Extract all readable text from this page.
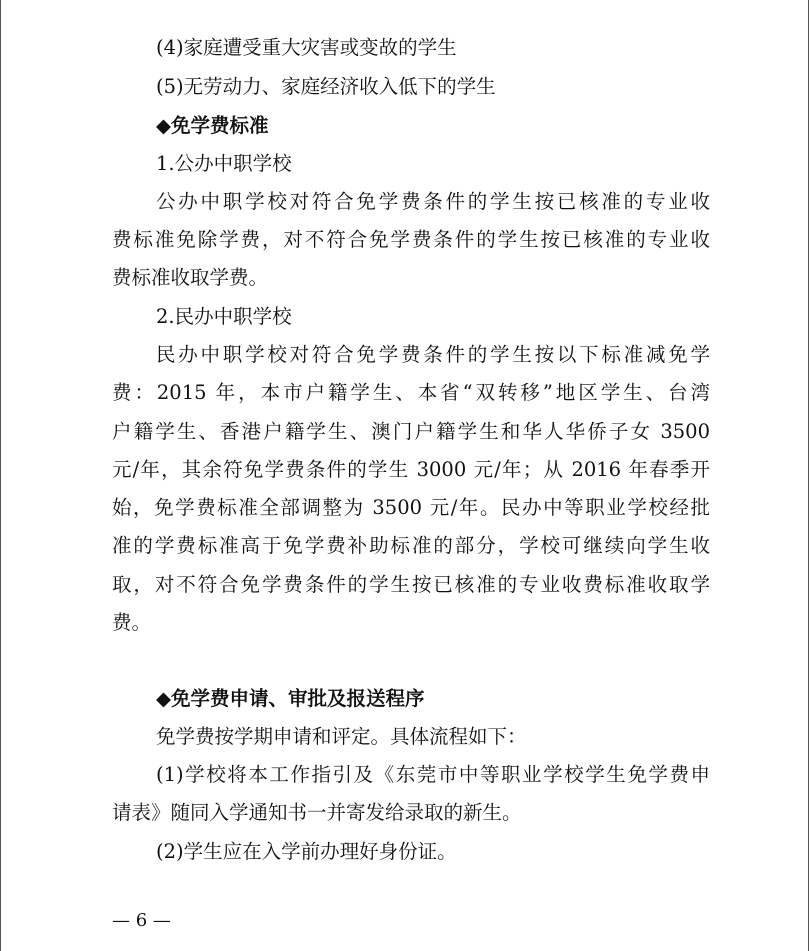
(4)家庭遭受重大灾害或变故的学生
(5)无劳动力、家庭经济收入低下的学生
◆免学费标准
1.公办中职学校
公办中职学校对符合免学费条件的学生按已核准的专业收
费标准免除学费，对不符合免学费条件的学生按已核准的专业收
费标准收取学费。
2.民办中职学校
民办中职学校对符合免学费条件的学生按以下标准减免学
费：2015 年，本市户籍学生、本省“双转移”地区学生、台湾
户籍学生、香港户籍学生、澳门户籍学生和华人华侨子女 3500
元/年，其余符免学费条件的学生 3000 元/年；从 2016 年春季开
始，免学费标准全部调整为 3500 元/年。民办中等职业学校经批
准的学费标准高于免学费补助标准的部分，学校可继续向学生收
取，对不符合免学费条件的学生按已核准的专业收费标准收取学
费。
◆免学费申请、审批及报送程序
免学费按学期申请和评定。具体流程如下：
(1)学校将本工作指引及《东莞市中等职业学校学生免学费申
请表》随同入学通知书一并寄发给录取的新生。
(2)学生应在入学前办理好身份证。
— 6 —
